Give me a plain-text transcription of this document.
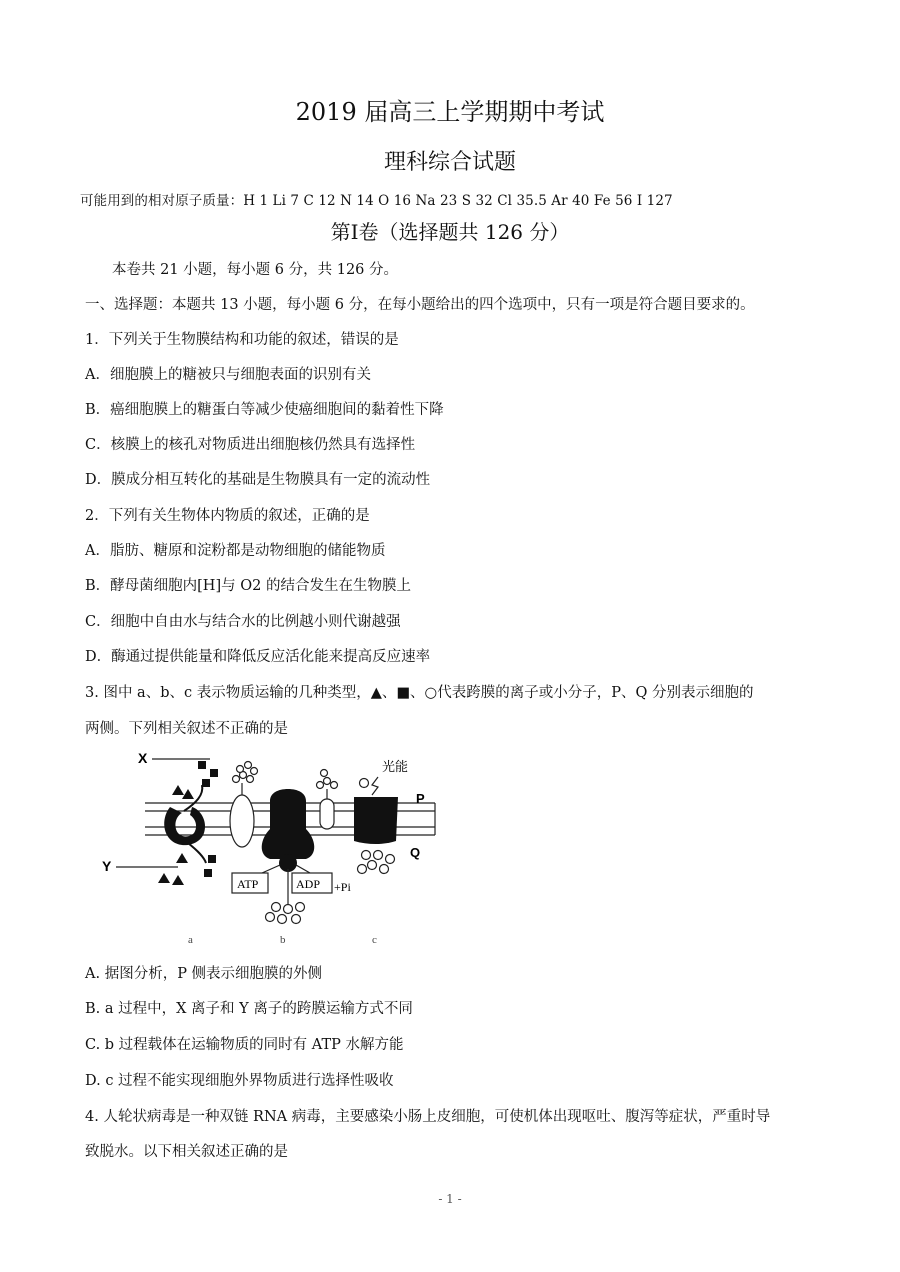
2019 届高三上学期期中考试
理科综合试题
可能用到的相对原子质量：H 1 Li 7 C 12 N 14 O 16 Na 23 S 32 Cl 35.5 Ar 40 Fe 56 I 127
第Ⅰ卷（选择题共 126 分）
本卷共 21 小题，每小题 6 分，共 126 分。
一、选择题：本题共 13 小题，每小题 6 分，在每小题给出的四个选项中，只有一项是符合题目要求的。
1．下列关于生物膜结构和功能的叙述，错误的是
A．细胞膜上的糖被只与细胞表面的识别有关
B．癌细胞膜上的糖蛋白等减少使癌细胞间的黏着性下降
C．核膜上的核孔对物质进出细胞核仍然具有选择性
D．膜成分相互转化的基础是生物膜具有一定的流动性
2．下列有关生物体内物质的叙述，正确的是
A．脂肪、糖原和淀粉都是动物细胞的储能物质
B．酵母菌细胞内[H]与 O2 的结合发生在生物膜上
C．细胞中自由水与结合水的比例越小则代谢越强
D．酶通过提供能量和降低反应活化能来提高反应速率
3. 图中 a、b、c 表示物质运输的几种类型，▲、■、○代表跨膜的离子或小分子，P、Q 分别表示细胞的
两侧。下列相关叙述不正确的是
X
Y
ATP	ADP +Pi
光能
P
Q
a	b	c
A. 据图分析，P 侧表示细胞膜的外侧
B. a 过程中，X 离子和 Y 离子的跨膜运输方式不同
C. b 过程载体在运输物质的同时有 ATP 水解方能
D. c 过程不能实现细胞外界物质进行选择性吸收
4. 人轮状病毒是一种双链 RNA 病毒，主要感染小肠上皮细胞，可使机体出现呕吐、腹泻等症状，严重时导
致脱水。以下相关叙述正确的是
- 1 -
